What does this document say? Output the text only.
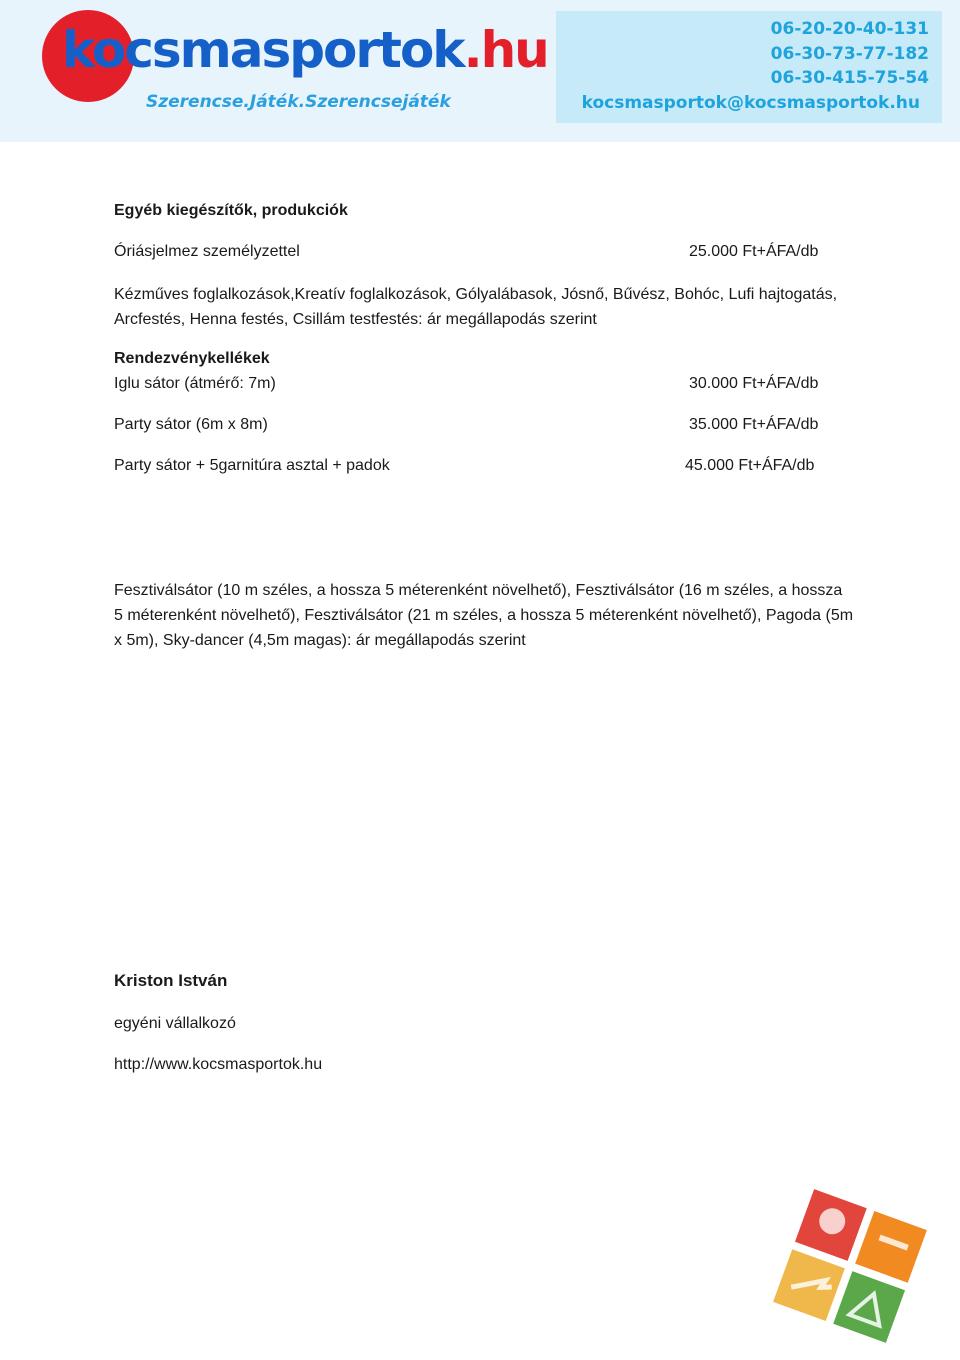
kocsmasportok.hu
Szerencse.Játék.Szerencsejáték
06-20-20-40-131
06-30-73-77-182
06-30-415-75-54
kocsmasportok@kocsmasportok.hu
Egyéb kiegészítők, produkciók
Óriásjelmez személyzettel	25.000 Ft+ÁFA/db
Kézműves foglalkozások,Kreatív foglalkozások, Gólyalábasok, Jósnő, Bűvész, Bohóc, Lufi hajtogatás, Arcfestés, Henna festés, Csillám testfestés: ár megállapodás szerint
Rendezvénykellékek
Iglu sátor (átmérő: 7m)	30.000 Ft+ÁFA/db
Party sátor (6m x 8m)	35.000 Ft+ÁFA/db
Party sátor + 5garnitúra asztal + padok	45.000 Ft+ÁFA/db
Fesztiválsátor (10 m széles, a hossza 5 méterenként növelhető), Fesztiválsátor (16 m széles, a hossza 5 méterenként növelhető), Fesztiválsátor (21 m széles, a hossza 5 méterenként növelhető), Pagoda (5m x 5m), Sky-dancer (4,5m magas): ár megállapodás szerint
Kriston István
egyéni vállalkozó
http://www.kocsmasportok.hu
